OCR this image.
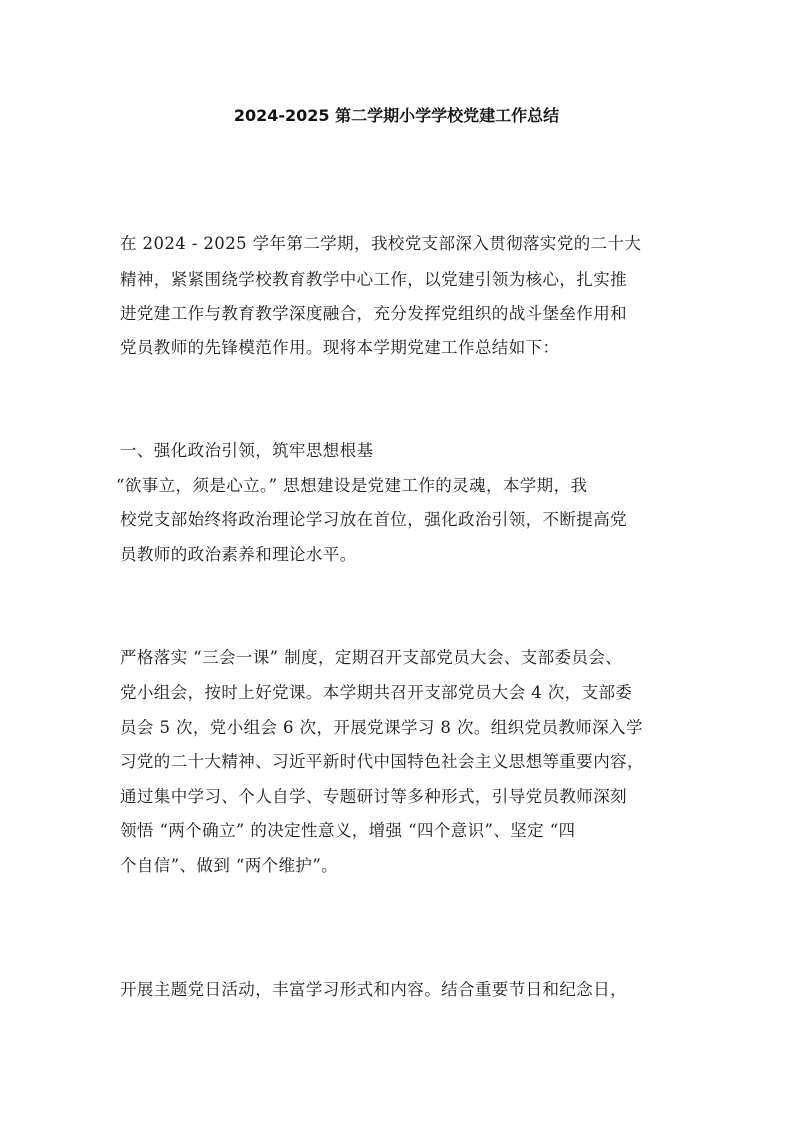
2024-2025 第二学期小学学校党建工作总结
在 2024 - 2025 学年第二学期，我校党支部深入贯彻落实党的二十大
精神，紧紧围绕学校教育教学中心工作，以党建引领为核心，扎实推
进党建工作与教育教学深度融合，充分发挥党组织的战斗堡垒作用和
党员教师的先锋模范作用。现将本学期党建工作总结如下：
一、强化政治引领，筑牢思想根基
“欲事立，须是心立。” 思想建设是党建工作的灵魂，本学期，我
校党支部始终将政治理论学习放在首位，强化政治引领，不断提高党
员教师的政治素养和理论水平。
严格落实 “三会一课” 制度，定期召开支部党员大会、支部委员会、
党小组会，按时上好党课。本学期共召开支部党员大会 4 次，支部委
员会 5 次，党小组会 6 次，开展党课学习 8 次。组织党员教师深入学
习党的二十大精神、习近平新时代中国特色社会主义思想等重要内容，
通过集中学习、个人自学、专题研讨等多种形式，引导党员教师深刻
领悟 “两个确立” 的决定性意义，增强 “四个意识”、坚定 “四
个自信”、做到 “两个维护”。
开展主题党日活动，丰富学习形式和内容。结合重要节日和纪念日，
